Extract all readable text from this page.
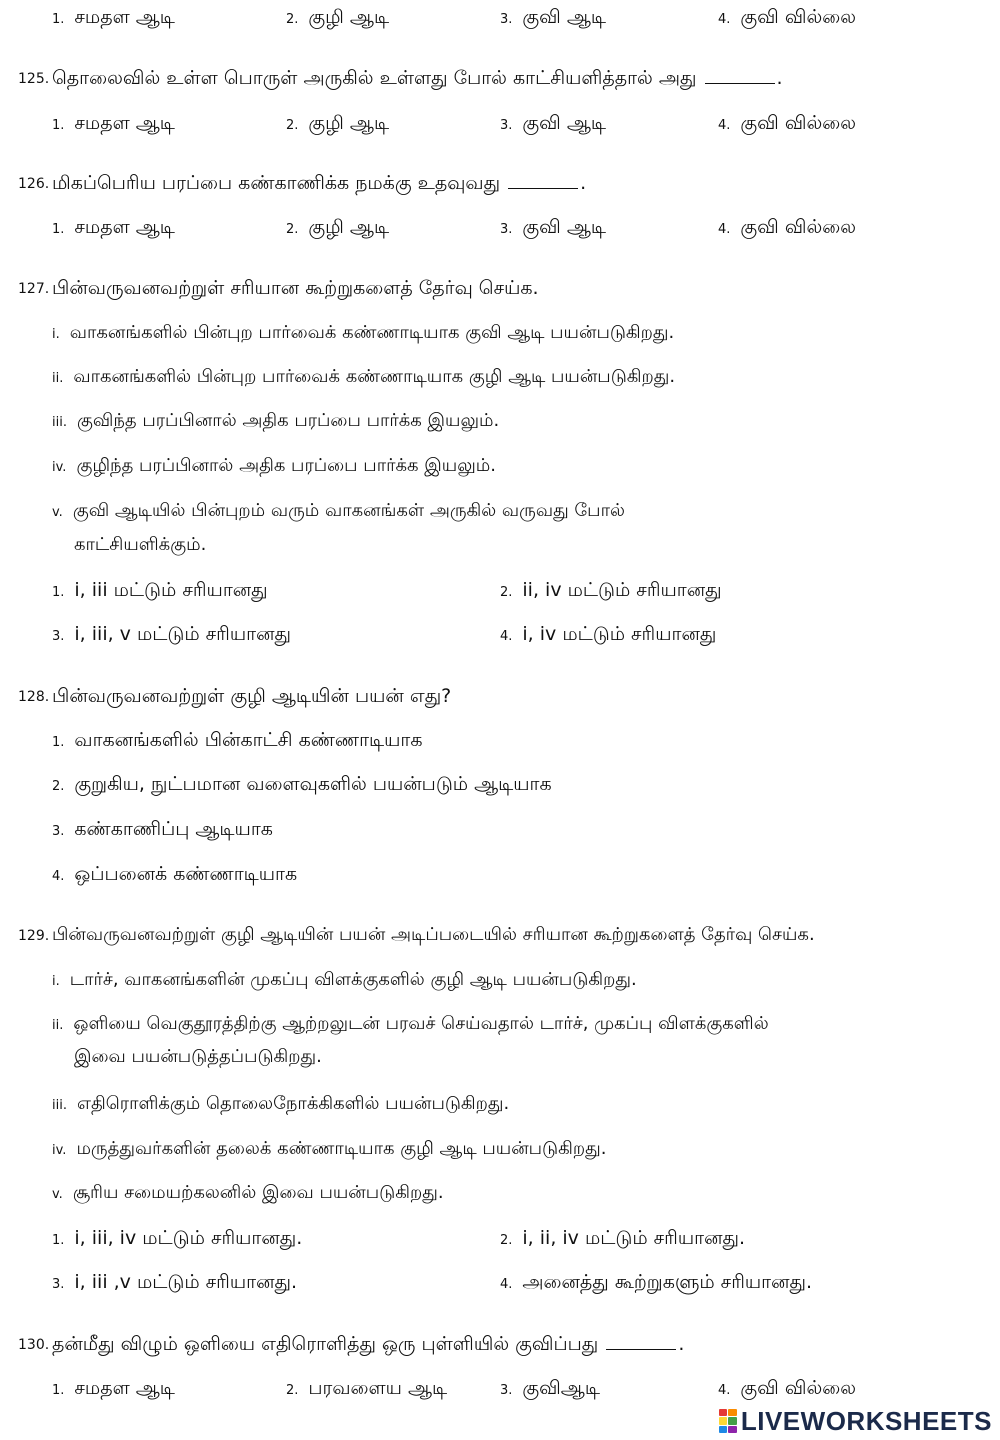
1. சமதள ஆடி	2. குழி ஆடி	3. குவி ஆடி	4. குவி வில்லை
125. தொலைவில் உள்ள பொருள் அருகில் உள்ளது போல் காட்சியளித்தால் அது	.
1. சமதள ஆடி	2. குழி ஆடி	3. குவி ஆடி	4. குவி வில்லை
126. மிகப்பெரிய பரப்பை கண்காணிக்க நமக்கு உதவுவது	.
1. சமதள ஆடி	2. குழி ஆடி	3. குவி ஆடி	4. குவி வில்லை
127. பின்வருவனவற்றுள் சரியான கூற்றுகளைத் தேர்வு செய்க.
i. வாகனங்களில் பின்புற பார்வைக் கண்ணாடியாக குவி ஆடி பயன்படுகிறது.
ii. வாகனங்களில் பின்புற பார்வைக் கண்ணாடியாக குழி ஆடி பயன்படுகிறது.
iii. குவிந்த பரப்பினால் அதிக பரப்பை பார்க்க இயலும்.
iv. குழிந்த பரப்பினால் அதிக பரப்பை பார்க்க இயலும்.
v. குவி ஆடியில் பின்புறம் வரும் வாகனங்கள் அருகில் வருவது போல்
காட்சியளிக்கும்.
1. i, iii மட்டும் சரியானது	2. ii, iv மட்டும் சரியானது
3. i, iii, v மட்டும் சரியானது	4. i, iv மட்டும் சரியானது
128. பின்வருவனவற்றுள் குழி ஆடியின் பயன் எது?
1. வாகனங்களில் பின்காட்சி கண்ணாடியாக
2. குறுகிய, நுட்பமான வளைவுகளில் பயன்படும் ஆடியாக
3. கண்காணிப்பு ஆடியாக
4. ஒப்பனைக் கண்ணாடியாக
129. பின்வருவனவற்றுள் குழி ஆடியின் பயன் அடிப்படையில் சரியான கூற்றுகளைத் தேர்வு செய்க.
i. டார்ச், வாகனங்களின் முகப்பு விளக்குகளில் குழி ஆடி பயன்படுகிறது.
ii. ஒளியை வெகுதூரத்திற்கு ஆற்றலுடன் பரவச் செய்வதால் டார்ச், முகப்பு விளக்குகளில்
இவை பயன்படுத்தப்படுகிறது.
iii. எதிரொளிக்கும் தொலைநோக்கிகளில் பயன்படுகிறது.
iv. மருத்துவர்களின் தலைக் கண்ணாடியாக குழி ஆடி பயன்படுகிறது.
v. சூரிய சமையற்கலனில் இவை பயன்படுகிறது.
1. i, iii, iv மட்டும் சரியானது.	2. i, ii, iv மட்டும் சரியானது.
3. i, iii ,v மட்டும் சரியானது.	4. அனைத்து கூற்றுகளும் சரியானது.
130. தன்மீது விழும் ஒளியை எதிரொளித்து ஒரு புள்ளியில் குவிப்பது	.
1. சமதள ஆடி	2. பரவளைய ஆடி	3. குவிஆடி	4. குவி வில்லை
LIVEWORKSHEETS
